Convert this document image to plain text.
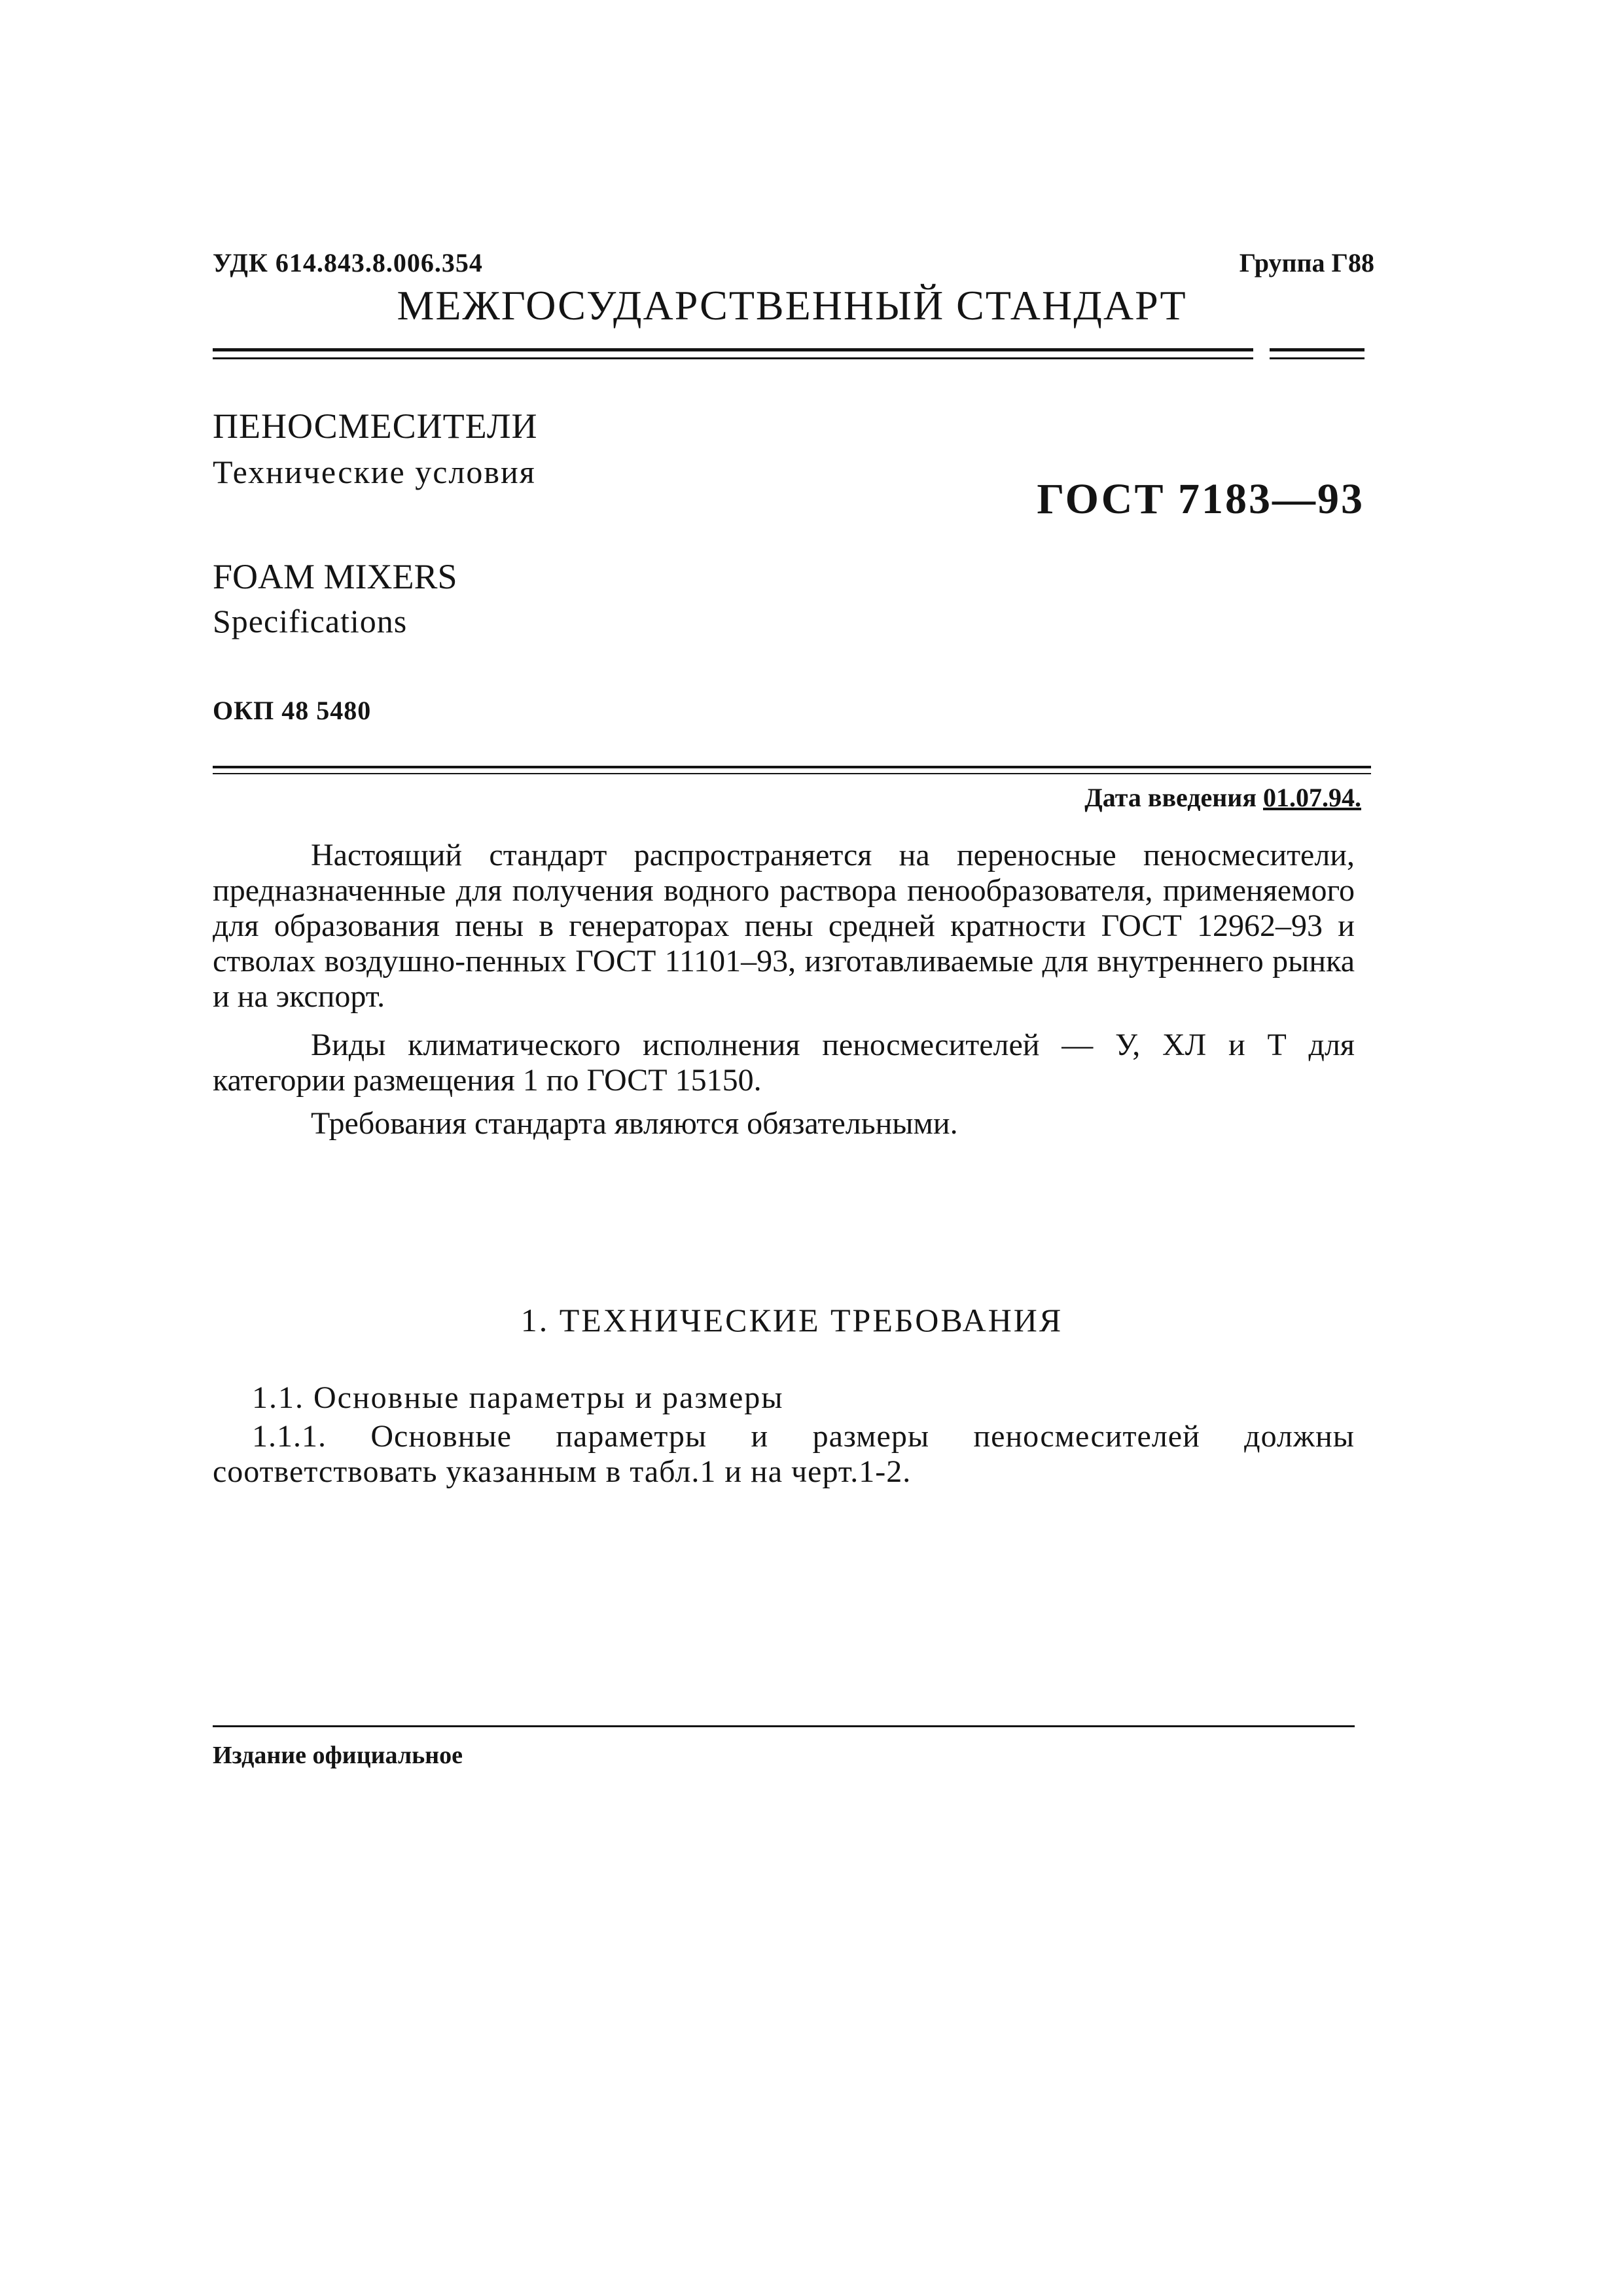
УДК 614.843.8.006.354	Группа Г88
МЕЖГОСУДАРСТВЕННЫЙ СТАНДАРТ
ПЕНОСМЕСИТЕЛИ
Технические условия
ГОСТ 7183—93
FOAM MIXERS
Specifications
ОКП 48 5480
Дата введения 01.07.94.

Настоящий стандарт распространяется на переносные пеносмесители, предназначенные для получения водного раствора пенообразователя, применяемого для образования пены в генераторах пены средней кратности ГОСТ 12962–93 и стволах воздушно-пенных ГОСТ 11101–93, изготавливаемые для внутреннего рынка и на экспорт.

Виды климатического исполнения пеносмесителей — У, ХЛ и Т для категории размещения 1 по ГОСТ 15150.

Требования стандарта являются обязательными.

1. ТЕХНИЧЕСКИЕ ТРЕБОВАНИЯ
1.1. Основные параметры и размеры

1.1.1. Основные параметры и размеры пеносмесителей должны соответствовать указанным в табл.1 и на черт.1-2.

Издание официальное
